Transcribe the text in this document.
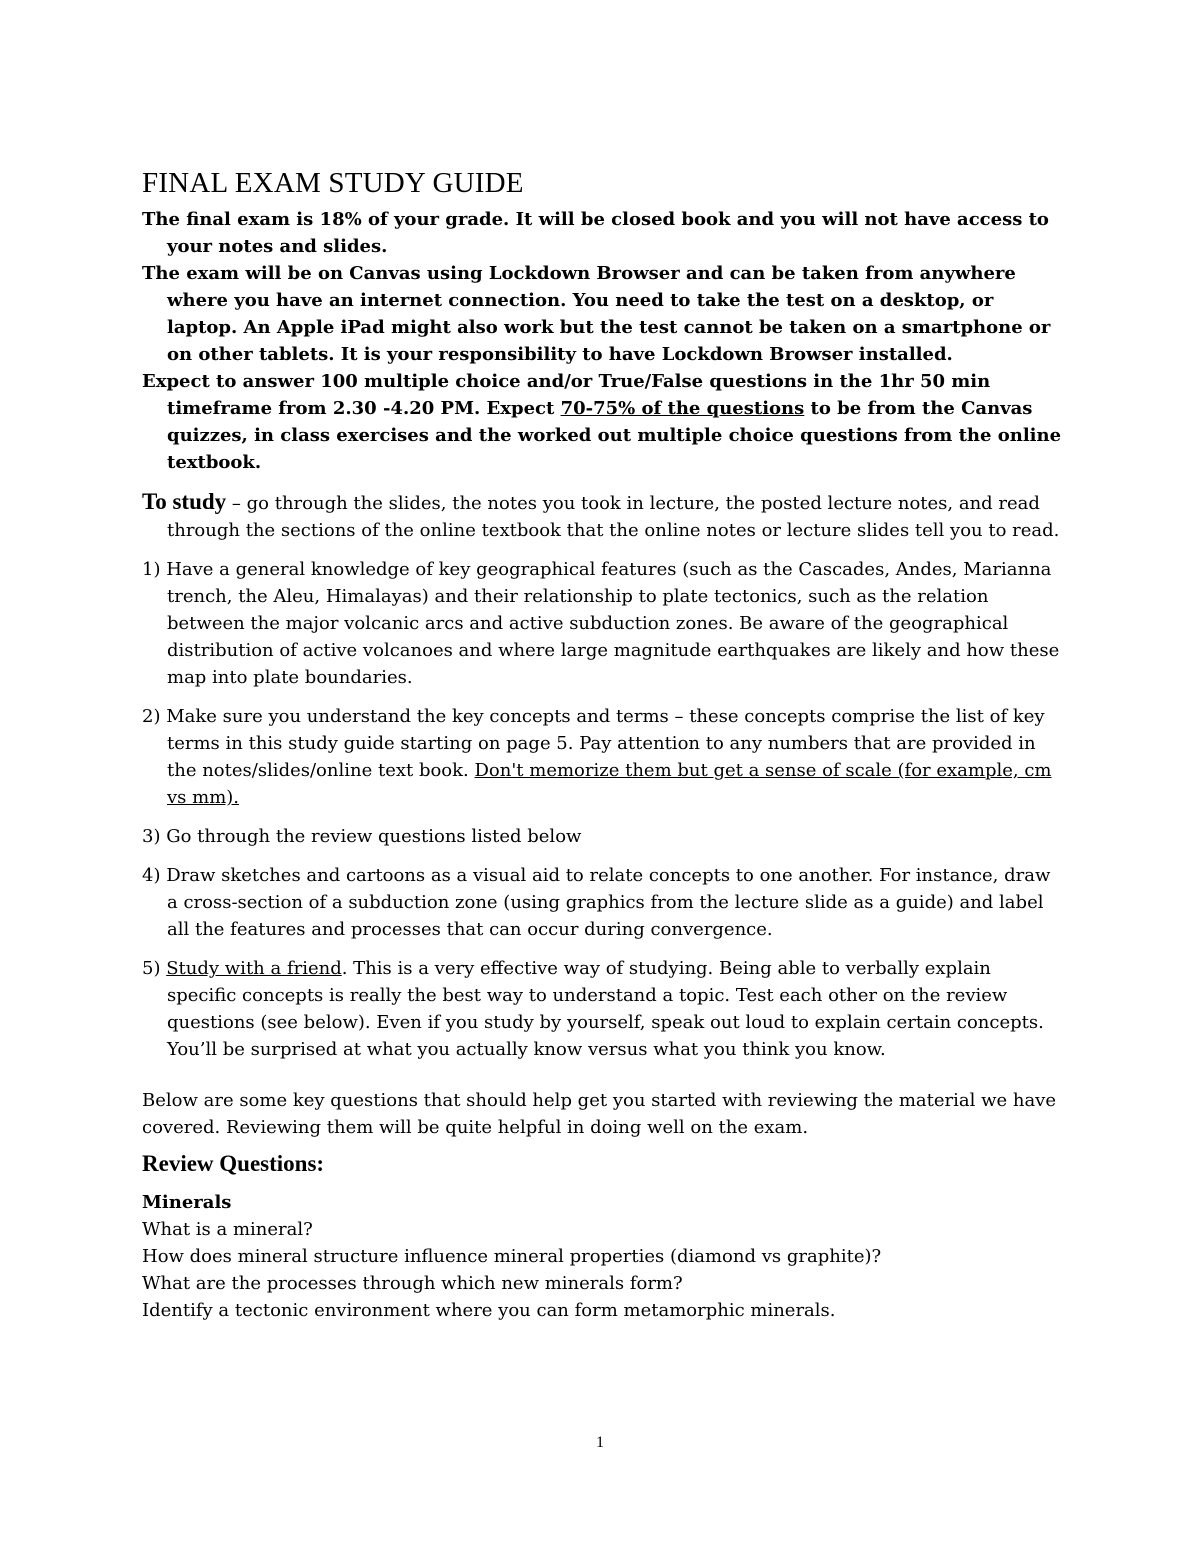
FINAL EXAM STUDY GUIDE

The final exam is 18% of your grade. It will be closed book and you will not have access to your notes and slides.

The exam will be on Canvas using Lockdown Browser and can be taken from anywhere where you have an internet connection. You need to take the test on a desktop, or laptop. An Apple iPad might also work but the test cannot be taken on a smartphone or on other tablets. It is your responsibility to have Lockdown Browser installed.

Expect to answer 100 multiple choice and/or True/False questions in the 1hr 50 min timeframe from 2.30 -4.20 PM. Expect 70-75% of the questions to be from the Canvas quizzes, in class exercises and the worked out multiple choice questions from the online textbook.

To study – go through the slides, the notes you took in lecture, the posted lecture notes, and read through the sections of the online textbook that the online notes or lecture slides tell you to read.

1) Have a general knowledge of key geographical features (such as the Cascades, Andes, Marianna trench, the Aleu, Himalayas) and their relationship to plate tectonics, such as the relation between the major volcanic arcs and active subduction zones. Be aware of the geographical distribution of active volcanoes and where large magnitude earthquakes are likely and how these map into plate boundaries.

2) Make sure you understand the key concepts and terms – these concepts comprise the list of key terms in this study guide starting on page 5. Pay attention to any numbers that are provided in the notes/slides/online text book. Don't memorize them but get a sense of scale (for example, cm vs mm).

3) Go through the review questions listed below

4) Draw sketches and cartoons as a visual aid to relate concepts to one another. For instance, draw a cross-section of a subduction zone (using graphics from the lecture slide as a guide) and label all the features and processes that can occur during convergence.

5) Study with a friend. This is a very effective way of studying. Being able to verbally explain specific concepts is really the best way to understand a topic. Test each other on the review questions (see below). Even if you study by yourself, speak out loud to explain certain concepts. You’ll be surprised at what you actually know versus what you think you know.

Below are some key questions that should help get you started with reviewing the material we have covered. Reviewing them will be quite helpful in doing well on the exam.

Review Questions:
Minerals

What is a mineral?

How does mineral structure influence mineral properties (diamond vs graphite)?

What are the processes through which new minerals form?

Identify a tectonic environment where you can form metamorphic minerals.

1
